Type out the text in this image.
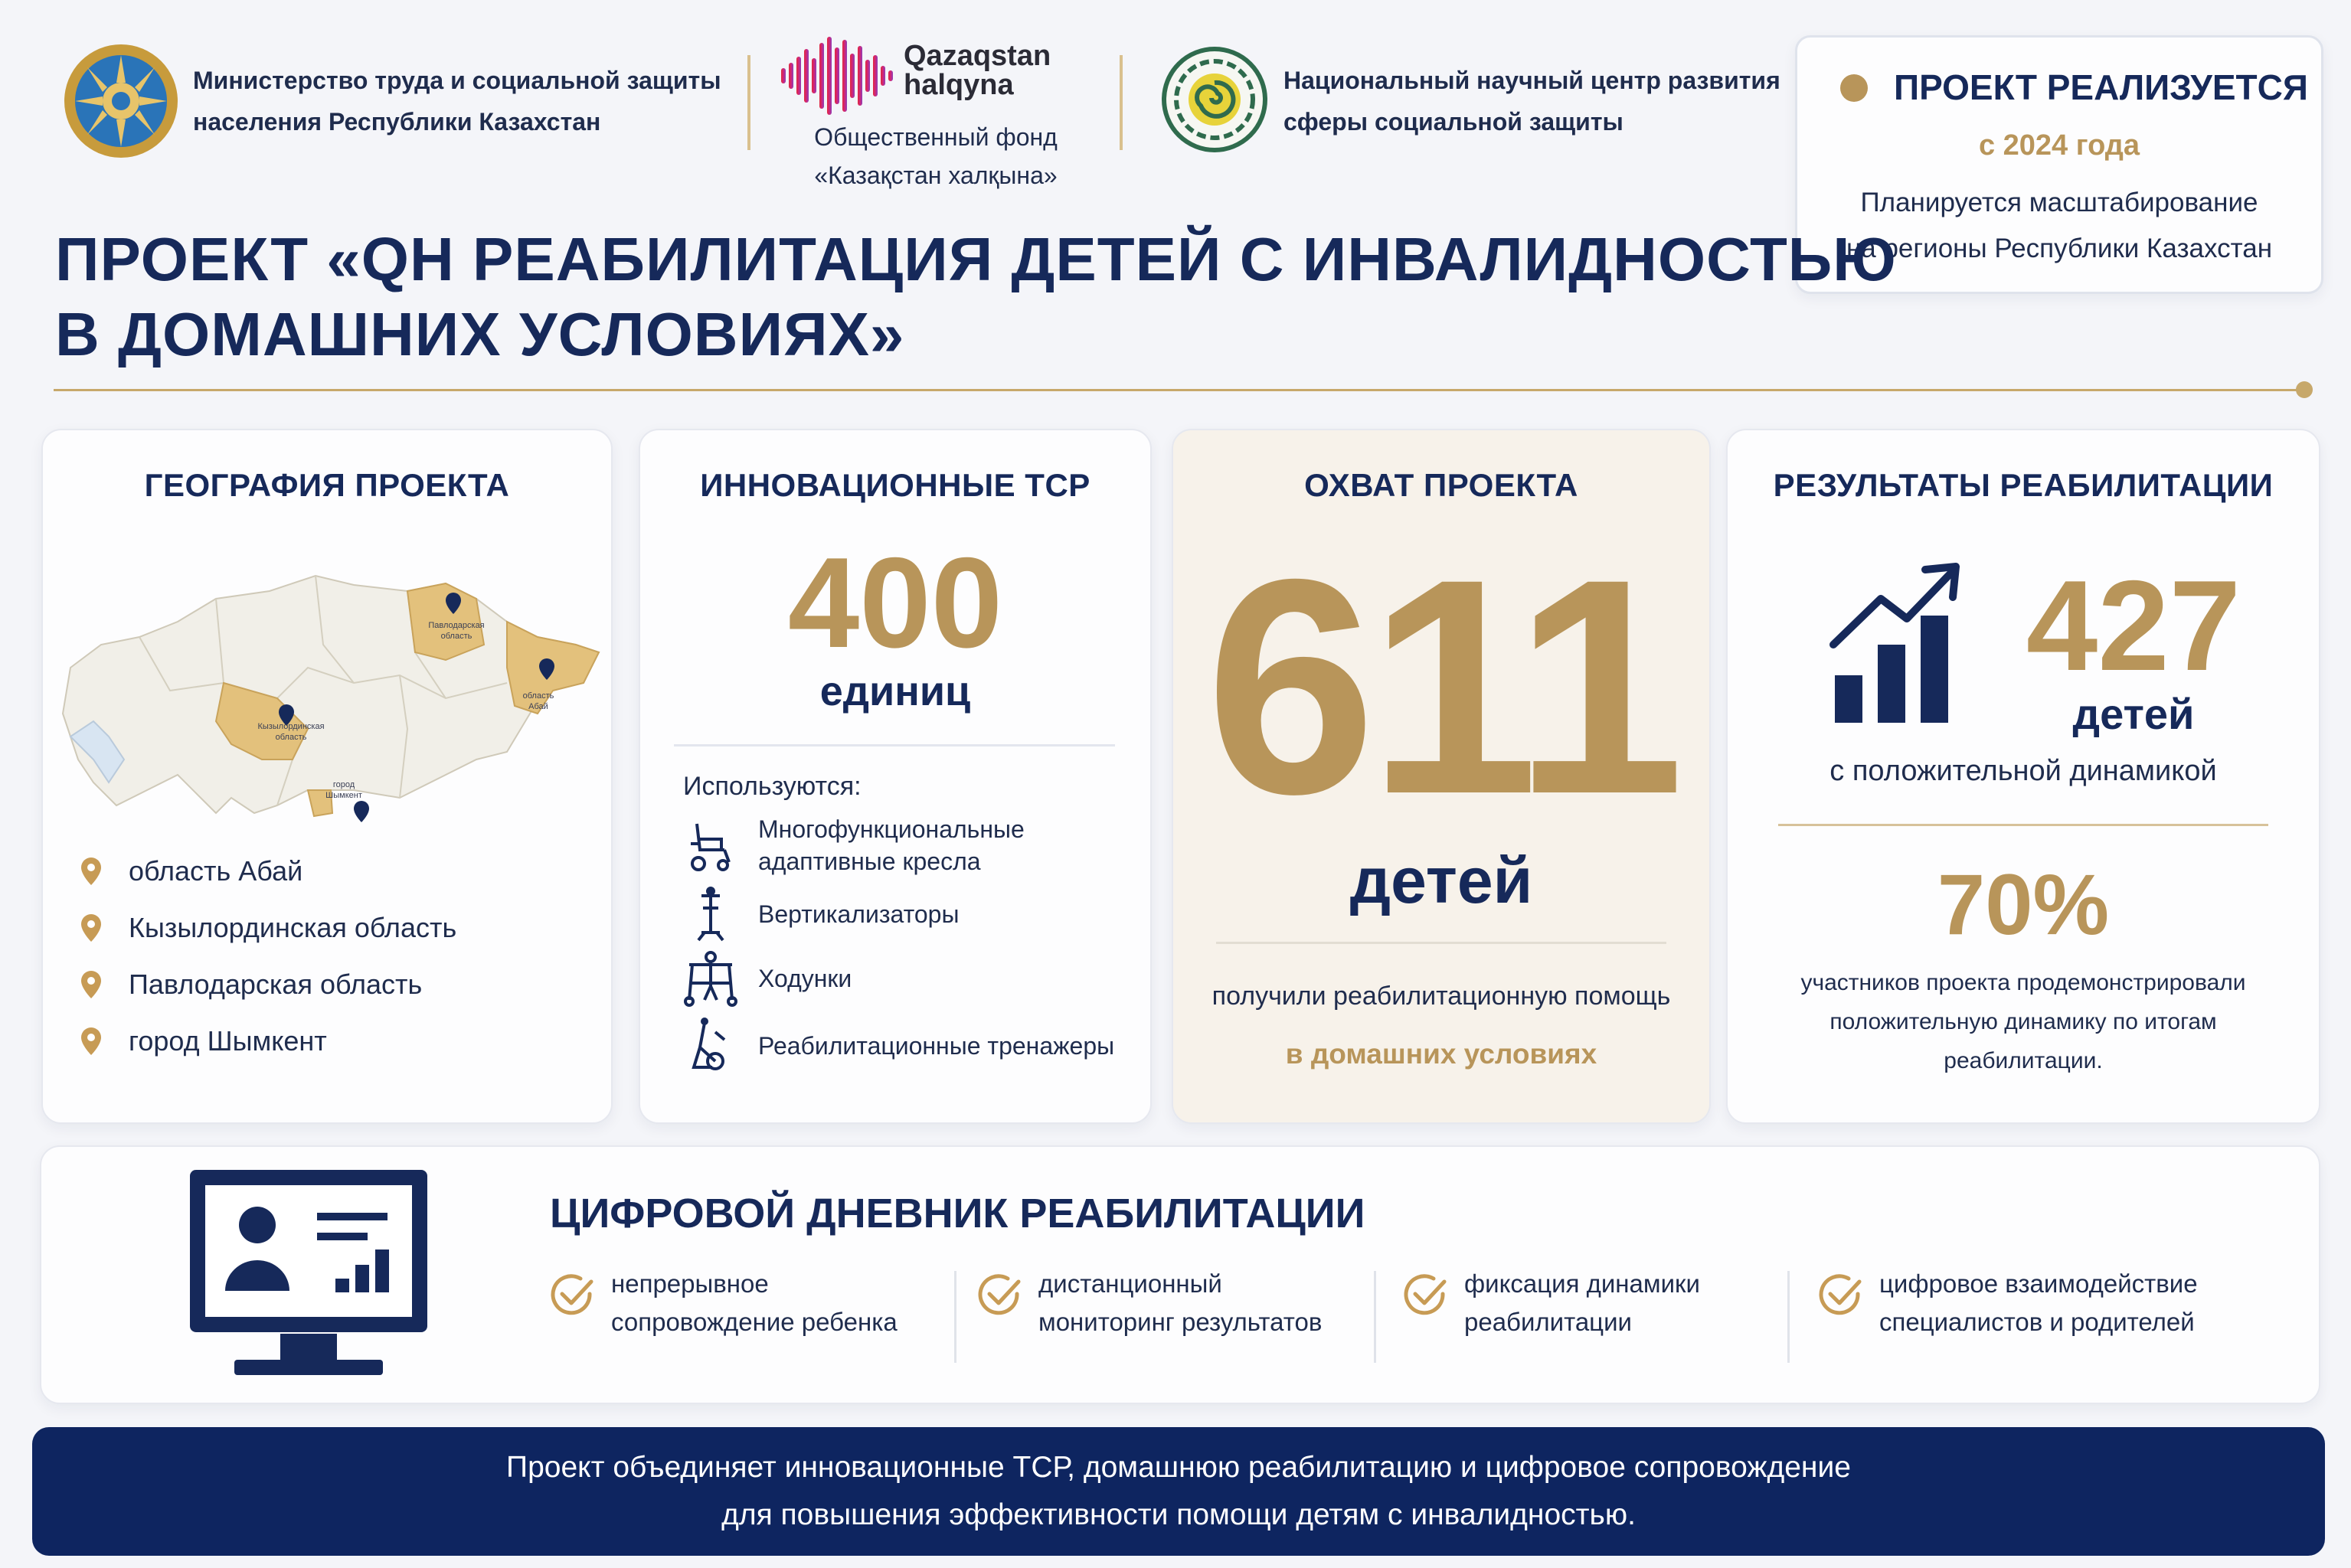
Министерство труда и социальной защиты
населения Республики Казахстан
Qazaqstan
halqyna
Общественный фонд
«Казақстан халқына»
Национальный научный центр развития
сферы социальной защиты
ПРОЕКТ РЕАЛИЗУЕТСЯ
с 2024 года
Планируется масштабирование
на регионы Республики Казахстан
ПРОЕКТ «QH РЕАБИЛИТАЦИЯ ДЕТЕЙ С ИНВАЛИДНОСТЬЮ
В ДОМАШНИХ УСЛОВИЯХ»
ГЕОГРАФИЯ ПРОЕКТА
Павлодарская область
область Абай
Кызылординская область
город Шымкент
область Абай
Кызылординская область
Павлодарская область
город Шымкент
ИННОВАЦИОННЫЕ ТСР
400
единиц
Используются:
Многофункциональные
адаптивные кресла
Вертикализаторы
Ходунки
Реабилитационные тренажеры
ОХВАТ ПРОЕКТА
611
детей
получили реабилитационную помощь
в домашних условиях
РЕЗУЛЬТАТЫ РЕАБИЛИТАЦИИ
427
детей
с положительной динамикой
70%
участников проекта продемонстрировали
положительную динамику по итогам
реабилитации.
ЦИФРОВОЙ ДНЕВНИК РЕАБИЛИТАЦИИ
непрерывное
сопровождение ребенка
дистанционный
мониторинг результатов
фиксация динамики
реабилитации
цифровое взаимодействие
специалистов и родителей
Проект объединяет инновационные ТСР, домашнюю реабилитацию и цифровое сопровождение
для повышения эффективности помощи детям с инвалидностью.
